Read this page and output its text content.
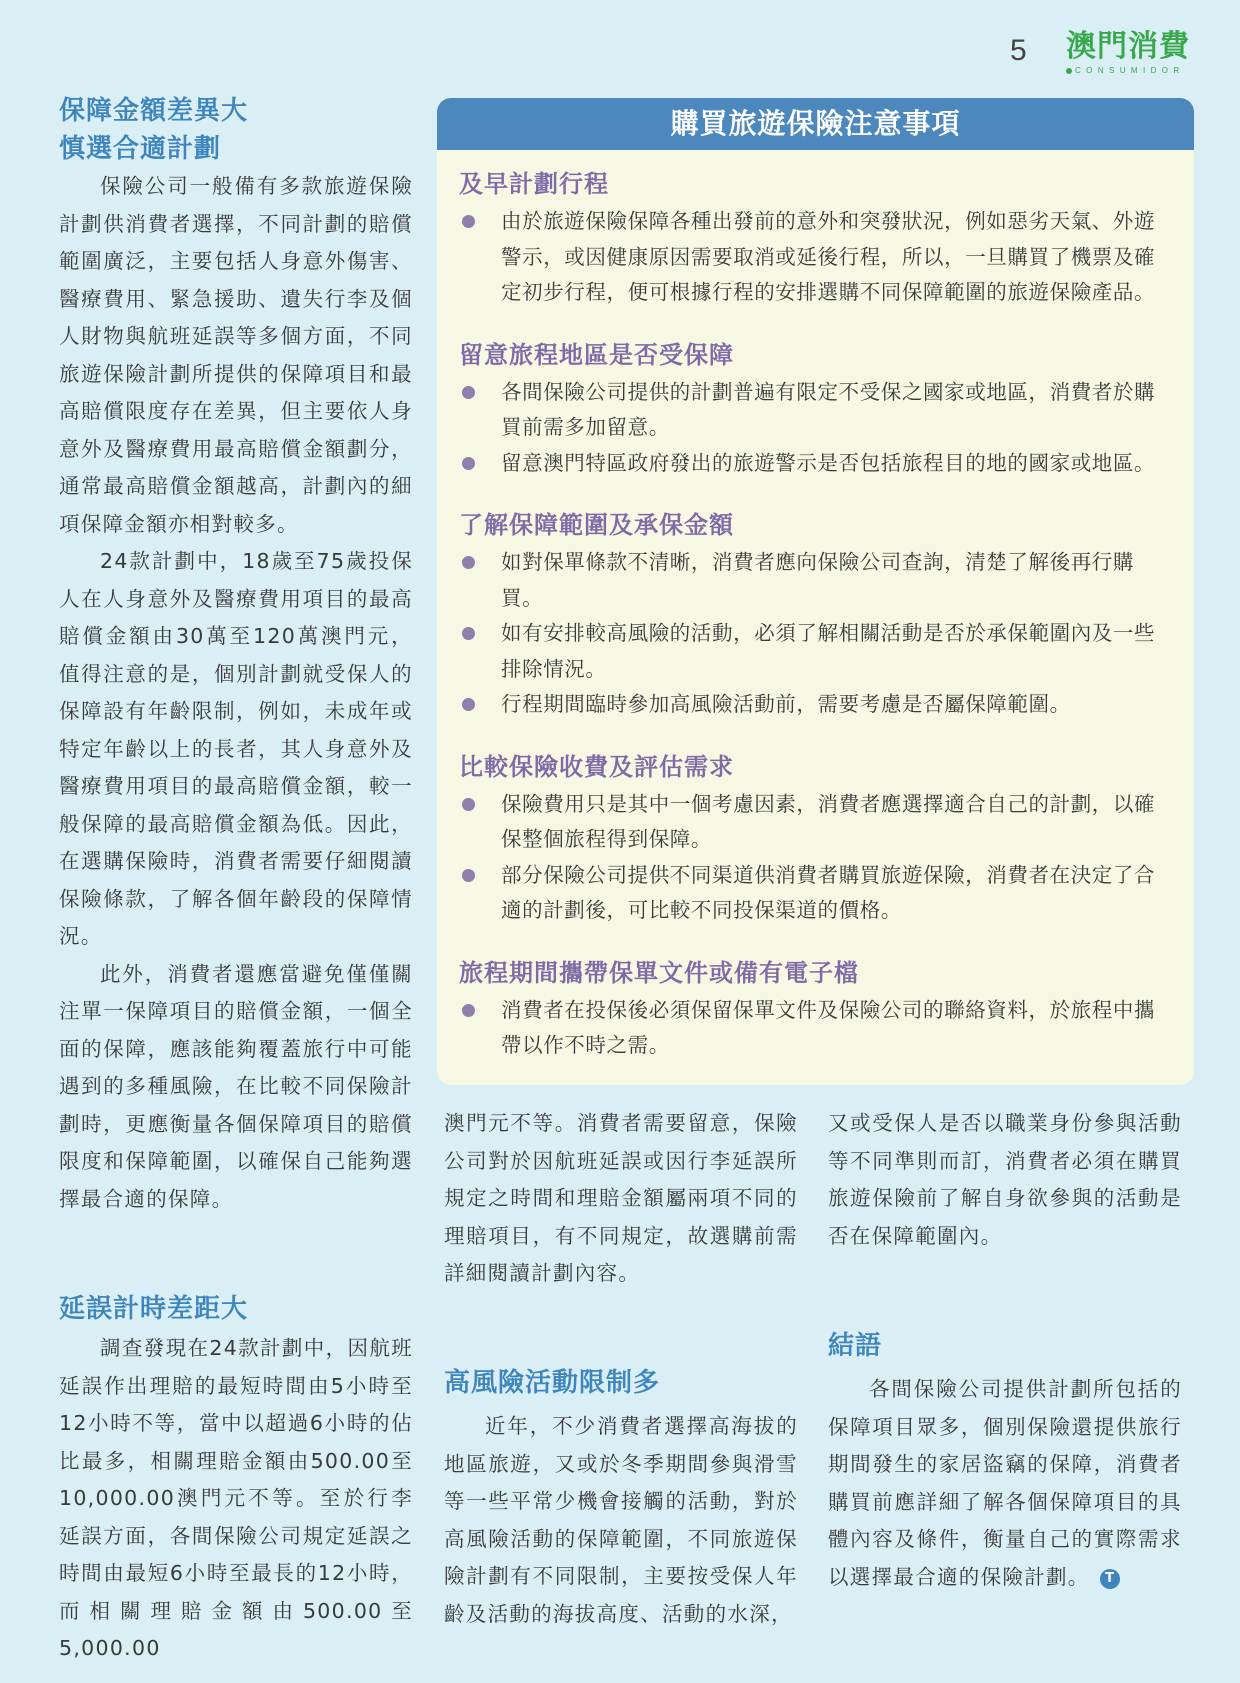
5 澳門消費
CONSUMIDOR
保障金額差異大
慎選合適計劃

保險公司一般備有多款旅遊保險計劃供消費者選擇，不同計劃的賠償範圍廣泛，主要包括人身意外傷害、醫療費用、緊急援助、遺失行李及個人財物與航班延誤等多個方面，不同旅遊保險計劃所提供的保障項目和最高賠償限度存在差異，但主要依人身意外及醫療費用最高賠償金額劃分，通常最高賠償金額越高，計劃內的細項保障金額亦相對較多。

24款計劃中，18歲至75歲投保人在人身意外及醫療費用項目的最高賠償金額由30萬至120萬澳門元，值得注意的是，個別計劃就受保人的保障設有年齡限制，例如，未成年或特定年齡以上的長者，其人身意外及醫療費用項目的最高賠償金額，較一般保障的最高賠償金額為低。因此，在選購保險時，消費者需要仔細閱讀保險條款，了解各個年齡段的保障情況。

此外，消費者還應當避免僅僅關注單一保障項目的賠償金額，一個全面的保障，應該能夠覆蓋旅行中可能遇到的多種風險，在比較不同保險計劃時，更應衡量各個保障項目的賠償限度和保障範圍，以確保自己能夠選擇最合適的保障。

延誤計時差距大

調查發現在24款計劃中，因航班延誤作出理賠的最短時間由5小時至12小時不等，當中以超過6小時的佔比最多，相關理賠金額由500.00至10,000.00澳門元不等。至於行李延誤方面，各間保險公司規定延誤之時間由最短6小時至最長的12小時，而相關理賠金額由500.00至5,000.00

購買旅遊保險注意事項
及早計劃行程
由於旅遊保險保障各種出發前的意外和突發狀況，例如惡劣天氣、外遊警示，或因健康原因需要取消或延後行程，所以，一旦購買了機票及確定初步行程，便可根據行程的安排選購不同保障範圍的旅遊保險產品。
留意旅程地區是否受保障
各間保險公司提供的計劃普遍有限定不受保之國家或地區，消費者於購買前需多加留意。
留意澳門特區政府發出的旅遊警示是否包括旅程目的地的國家或地區。
了解保障範圍及承保金額
如對保單條款不清晰，消費者應向保險公司查詢，清楚了解後再行購買。
如有安排較高風險的活動，必須了解相關活動是否於承保範圍內及一些排除情況。
行程期間臨時參加高風險活動前，需要考慮是否屬保障範圍。
比較保險收費及評估需求
保險費用只是其中一個考慮因素，消費者應選擇適合自己的計劃，以確保整個旅程得到保障。
部分保險公司提供不同渠道供消費者購買旅遊保險，消費者在決定了合適的計劃後，可比較不同投保渠道的價格。
旅程期間攜帶保單文件或備有電子檔
消費者在投保後必須保留保單文件及保險公司的聯絡資料，於旅程中攜帶以作不時之需。

澳門元不等。消費者需要留意，保險公司對於因航班延誤或因行李延誤所規定之時間和理賠金額屬兩項不同的理賠項目，有不同規定，故選購前需詳細閱讀計劃內容。

高風險活動限制多

近年，不少消費者選擇高海拔的地區旅遊，又或於冬季期間參與滑雪等一些平常少機會接觸的活動，對於高風險活動的保障範圍，不同旅遊保險計劃有不同限制，主要按受保人年齡及活動的海拔高度、活動的水深，

又或受保人是否以職業身份參與活動等不同準則而訂，消費者必須在購買旅遊保險前了解自身欲參與的活動是否在保障範圍內。

結語

各間保險公司提供計劃所包括的保障項目眾多，個別保險還提供旅行期間發生的家居盜竊的保障，消費者購買前應詳細了解各個保障項目的具體內容及條件，衡量自己的實際需求以選擇最合適的保險計劃。 T
